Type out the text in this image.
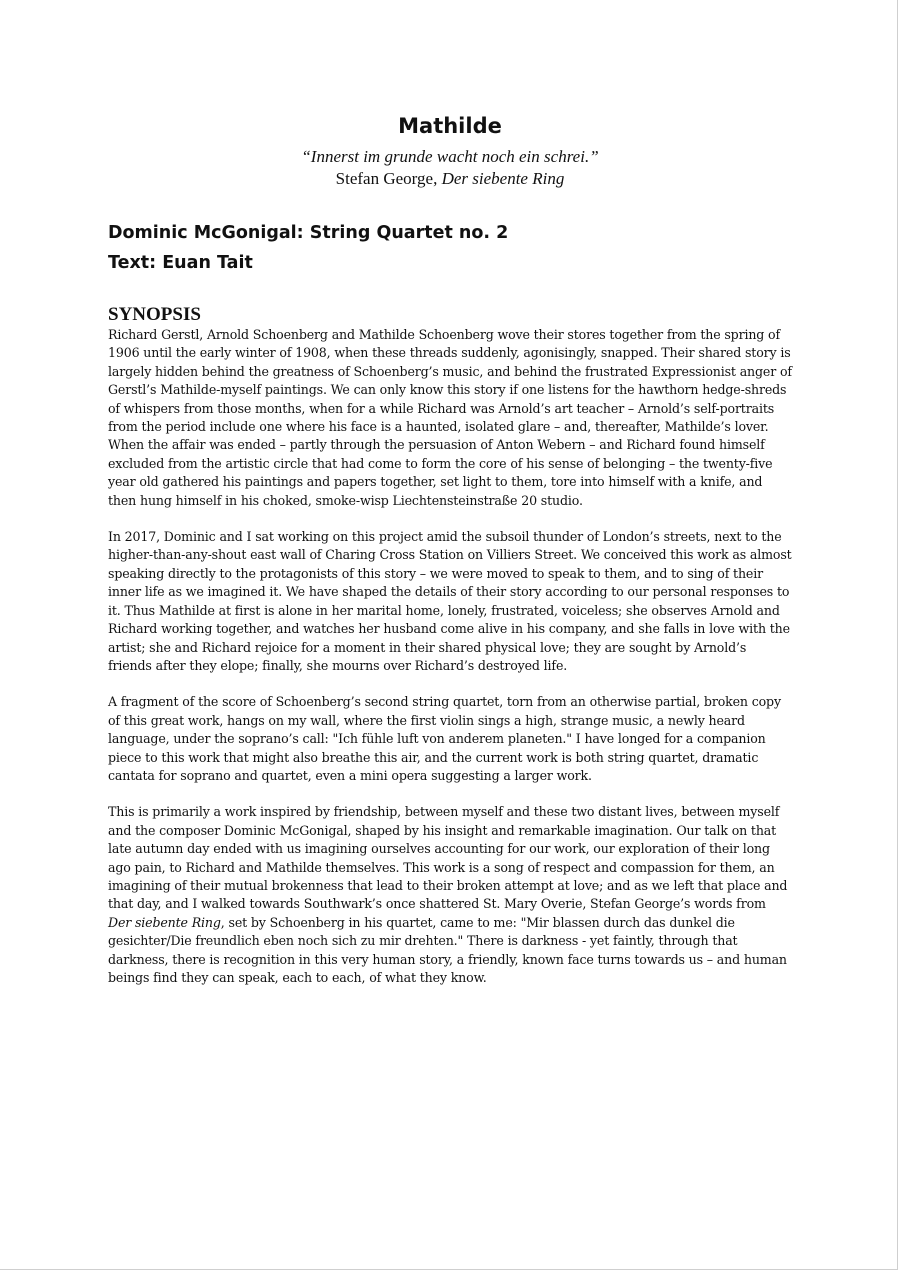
Mathilde
“Innerst im grunde wacht noch ein schrei.”
Stefan George, Der siebente Ring
Dominic McGonigal: String Quartet no. 2
Text: Euan Tait
SYNOPSIS

Richard Gerstl, Arnold Schoenberg and Mathilde Schoenberg wove their stores together from the spring of 1906 until the early winter of 1908, when these threads suddenly, agonisingly, snapped. Their shared story is largely hidden behind the greatness of Schoenberg’s music, and behind the frustrated Expressionist anger of Gerstl’s Mathilde-myself paintings. We can only know this story if one listens for the hawthorn hedge-shreds of whispers from those months, when for a while Richard was Arnold’s art teacher – Arnold’s self-portraits from the period include one where his face is a haunted, isolated glare – and, thereafter, Mathilde’s lover. When the affair was ended – partly through the persuasion of Anton Webern – and Richard found himself excluded from the artistic circle that had come to form the core of his sense of belonging – the twenty-five year old gathered his paintings and papers together, set light to them, tore into himself with a knife, and then hung himself in his choked, smoke-wisp Liechtensteinstraße 20 studio.

In 2017, Dominic and I sat working on this project amid the subsoil thunder of London’s streets, next to the higher-than-any-shout east wall of Charing Cross Station on Villiers Street. We conceived this work as almost speaking directly to the protagonists of this story – we were moved to speak to them, and to sing of their inner life as we imagined it. We have shaped the details of their story according to our personal responses to it. Thus Mathilde at first is alone in her marital home, lonely, frustrated, voiceless; she observes Arnold and Richard working together, and watches her husband come alive in his company, and she falls in love with the artist; she and Richard rejoice for a moment in their shared physical love; they are sought by Arnold’s friends after they elope; finally, she mourns over Richard’s destroyed life.

A fragment of the score of Schoenberg’s second string quartet, torn from an otherwise partial, broken copy of this great work, hangs on my wall, where the first violin sings a high, strange music, a newly heard language, under the soprano’s call: "Ich fühle luft von anderem planeten." I have longed for a companion piece to this work that might also breathe this air, and the current work is both string quartet, dramatic cantata for soprano and quartet, even a mini opera suggesting a larger work.

This is primarily a work inspired by friendship, between myself and these two distant lives, between myself and the composer Dominic McGonigal, shaped by his insight and remarkable imagination. Our talk on that late autumn day ended with us imagining ourselves accounting for our work, our exploration of their long ago pain, to Richard and Mathilde themselves. This work is a song of respect and compassion for them, an imagining of their mutual brokenness that lead to their broken attempt at love; and as we left that place and that day, and I walked towards Southwark’s once shattered St. Mary Overie, Stefan George’s words from Der siebente Ring, set by Schoenberg in his quartet, came to me: "Mir blassen durch das dunkel die gesichter/Die freundlich eben noch sich zu mir drehten." There is darkness - yet faintly, through that darkness, there is recognition in this very human story, a friendly, known face turns towards us – and human beings find they can speak, each to each, of what they know.
